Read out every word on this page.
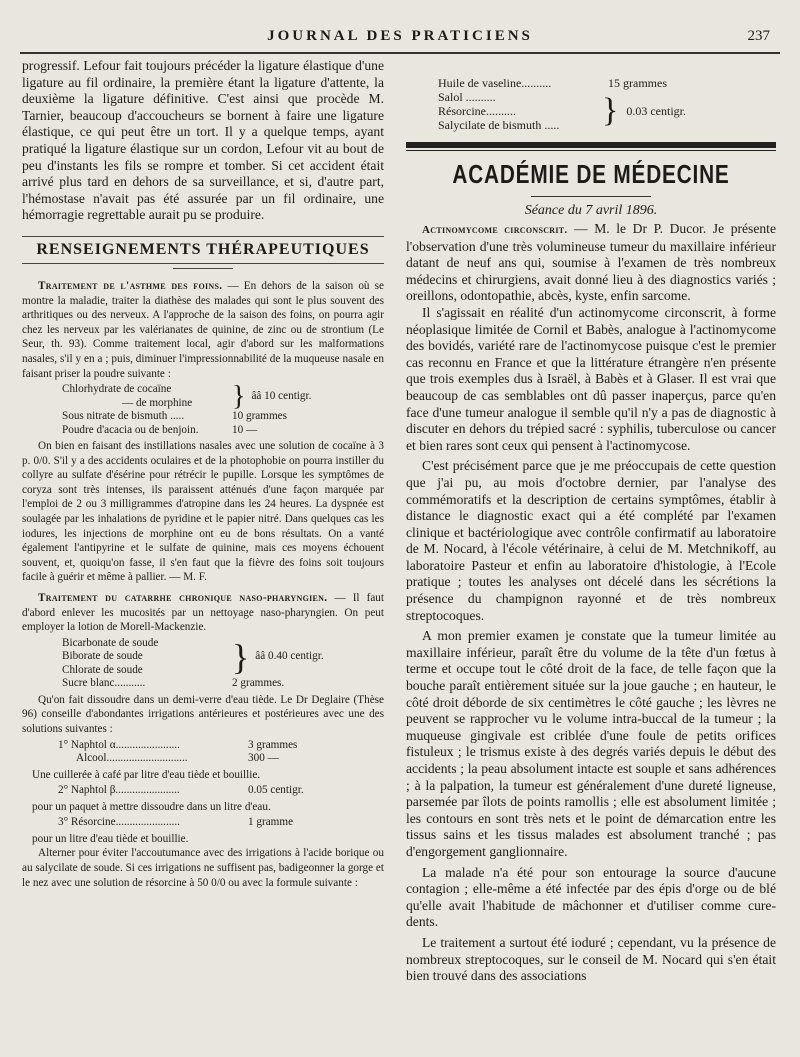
JOURNAL DES PRATICIENS	237

progressif. Lefour fait toujours précéder la ligature élastique d'une ligature au fil ordinaire, la première étant la ligature d'attente, la deuxième la ligature définitive. C'est ainsi que procède M. Tarnier, beaucoup d'accoucheurs se bornent à faire une ligature élastique, ce qui peut être un tort. Il y a quelque temps, ayant pratiqué la ligature élastique sur un cordon, Lefour vit au bout de peu d'instants les fils se rompre et tomber. Si cet accident était arrivé plus tard en dehors de sa surveillance, et si, d'autre part, l'hémostase n'avait pas été assurée par un fil ordinaire, une hémorragie regrettable aurait pu se produire.

RENSEIGNEMENTS THÉRAPEUTIQUES

Traitement de l'asthme des foins. — En dehors de la saison où se montre la maladie, traiter la diathèse des malades qui sont le plus souvent des arthritiques ou des nerveux. A l'approche de la saison des foins, on pourra agir chez les nerveux par les valérianates de quinine, de zinc ou de strontium (Le Seur, th. 93). Comme traitement local, agir d'abord sur les malformations nasales, s'il y en a ; puis, diminuer l'impressionnabilité de la muqueuse nasale en faisant priser la poudre suivante :

Chlorhydrate de cocaïne
— de morphine	} ââ 10 centigr.
Sous nitrate de bismuth .....	10 grammes
Poudre d'acacia ou de benjoin.	10 —

On bien en faisant des instillations nasales avec une solution de cocaïne à 3 p. 0/0. S'il y a des accidents oculaires et de la photophobie on pourra instiller du collyre au sulfate d'ésérine pour rétrécir le pupille. Lorsque les symptômes de coryza sont très intenses, ils paraissent atténués d'une façon marquée par l'emploi de 2 ou 3 milligrammes d'atropine dans les 24 heures. La dyspnée est soulagée par les inhalations de pyridine et le papier nitré. Dans quelques cas les iodures, les injections de morphine ont eu de bons résultats. On a vanté également l'antipyrine et le sulfate de quinine, mais ces moyens échouent souvent, et, quoiqu'on fasse, il s'en faut que la fièvre des foins soit toujours facile à guérir et même à pallier. — M. F.

Traitement du catarrhe chronique naso-pharyngien. — Il faut d'abord enlever les mucosités par un nettoyage naso-pharyngien. On peut employer la lotion de Morell-Mackenzie.

Bicarbonate de soude
Biborate de soude
Chlorate de soude	} ââ 0.40 centigr.
Sucre blanc...........	2 grammes.

Qu'on fait dissoudre dans un demi-verre d'eau tiède. Le Dr Deglaire (Thèse 96) conseille d'abondantes irrigations antérieures et postérieures avec une des solutions suivantes :

1° Naphtol α.......................	3 grammes
Alcool.............................	300 —

Une cuillerée à café par litre d'eau tiède et bouillie.

2° Naphtol β.......................	0.05 centigr.

pour un paquet à mettre dissoudre dans un litre d'eau.

3° Résorcine.......................	1 gramme

pour un litre d'eau tiède et bouillie.

Alterner pour éviter l'accoutumance avec des irrigations à l'acide borique ou au salycilate de soude. Si ces irrigations ne suffisent pas, badigeonner la gorge et le nez avec une solution de résorcine à 50 0/0 ou avec la formule suivante :

Huile de vaseline..........	15 grammes
Salol ..........
Résorcine..........
Salycilate de bismuth .....	} 0.03 centigr.
ACADÉMIE DE MÉDECINE
Séance du 7 avril 1896.

Actinomycome circonscrit. — M. le Dr P. Ducor. Je présente l'observation d'une très volumineuse tumeur du maxillaire inférieur datant de neuf ans qui, soumise à l'examen de très nombreux médecins et chirurgiens, avait donné lieu à des diagnostics variés ; oreillons, odontopathie, abcès, kyste, enfin sarcome.

Il s'agissait en réalité d'un actinomycome circonscrit, à forme néoplasique limitée de Cornil et Babès, analogue à l'actinomycome des bovidés, variété rare de l'actinomycose puisque c'est le premier cas reconnu en France et que la littérature étrangère n'en présente que trois exemples dus à Israël, à Babès et à Glaser. Il est vrai que beaucoup de cas semblables ont dû passer inaperçus, parce qu'en face d'une tumeur analogue il semble qu'il n'y a pas de diagnostic à discuter en dehors du trépied sacré : syphilis, tuberculose ou cancer et bien rares sont ceux qui pensent à l'actinomycose.

C'est précisément parce que je me préoccupais de cette question que j'ai pu, au mois d'octobre dernier, par l'analyse des commémoratifs et la description de certains symptômes, établir à distance le diagnostic exact qui a été complété par l'examen clinique et bactériologique avec contrôle confirmatif au laboratoire de M. Nocard, à l'école vétérinaire, à celui de M. Metchnikoff, au laboratoire Pasteur et enfin au laboratoire d'histologie, à l'Ecole pratique ; toutes les analyses ont décelé dans les sécrétions la présence du champignon rayonné et de très nombreux streptocoques.

A mon premier examen je constate que la tumeur limitée au maxillaire inférieur, paraît être du volume de la tête d'un fœtus à terme et occupe tout le côté droit de la face, de telle façon que la bouche paraît entièrement située sur la joue gauche ; en hauteur, le côté droit déborde de six centimètres le côté gauche ; les lèvres ne peuvent se rapprocher vu le volume intra-buccal de la tumeur ; la muqueuse gingivale est criblée d'une foule de petits orifices fistuleux ; le trismus existe à des degrés variés depuis le début des accidents ; la peau absolument intacte est souple et sans adhérences ; à la palpation, la tumeur est généralement d'une dureté ligneuse, parsemée par îlots de points ramollis ; elle est absolument limitée ; les contours en sont très nets et le point de démarcation entre les tissus sains et les tissus malades est absolument tranché ; pas d'engorgement ganglionnaire.

La malade n'a été pour son entourage la source d'aucune contagion ; elle-même a été infectée par des épis d'orge ou de blé qu'elle avait l'habitude de mâchonner et d'utiliser comme cure-dents.

Le traitement a surtout été ioduré ; cependant, vu la présence de nombreux streptocoques, sur le conseil de M. Nocard qui s'en était bien trouvé dans des associations
